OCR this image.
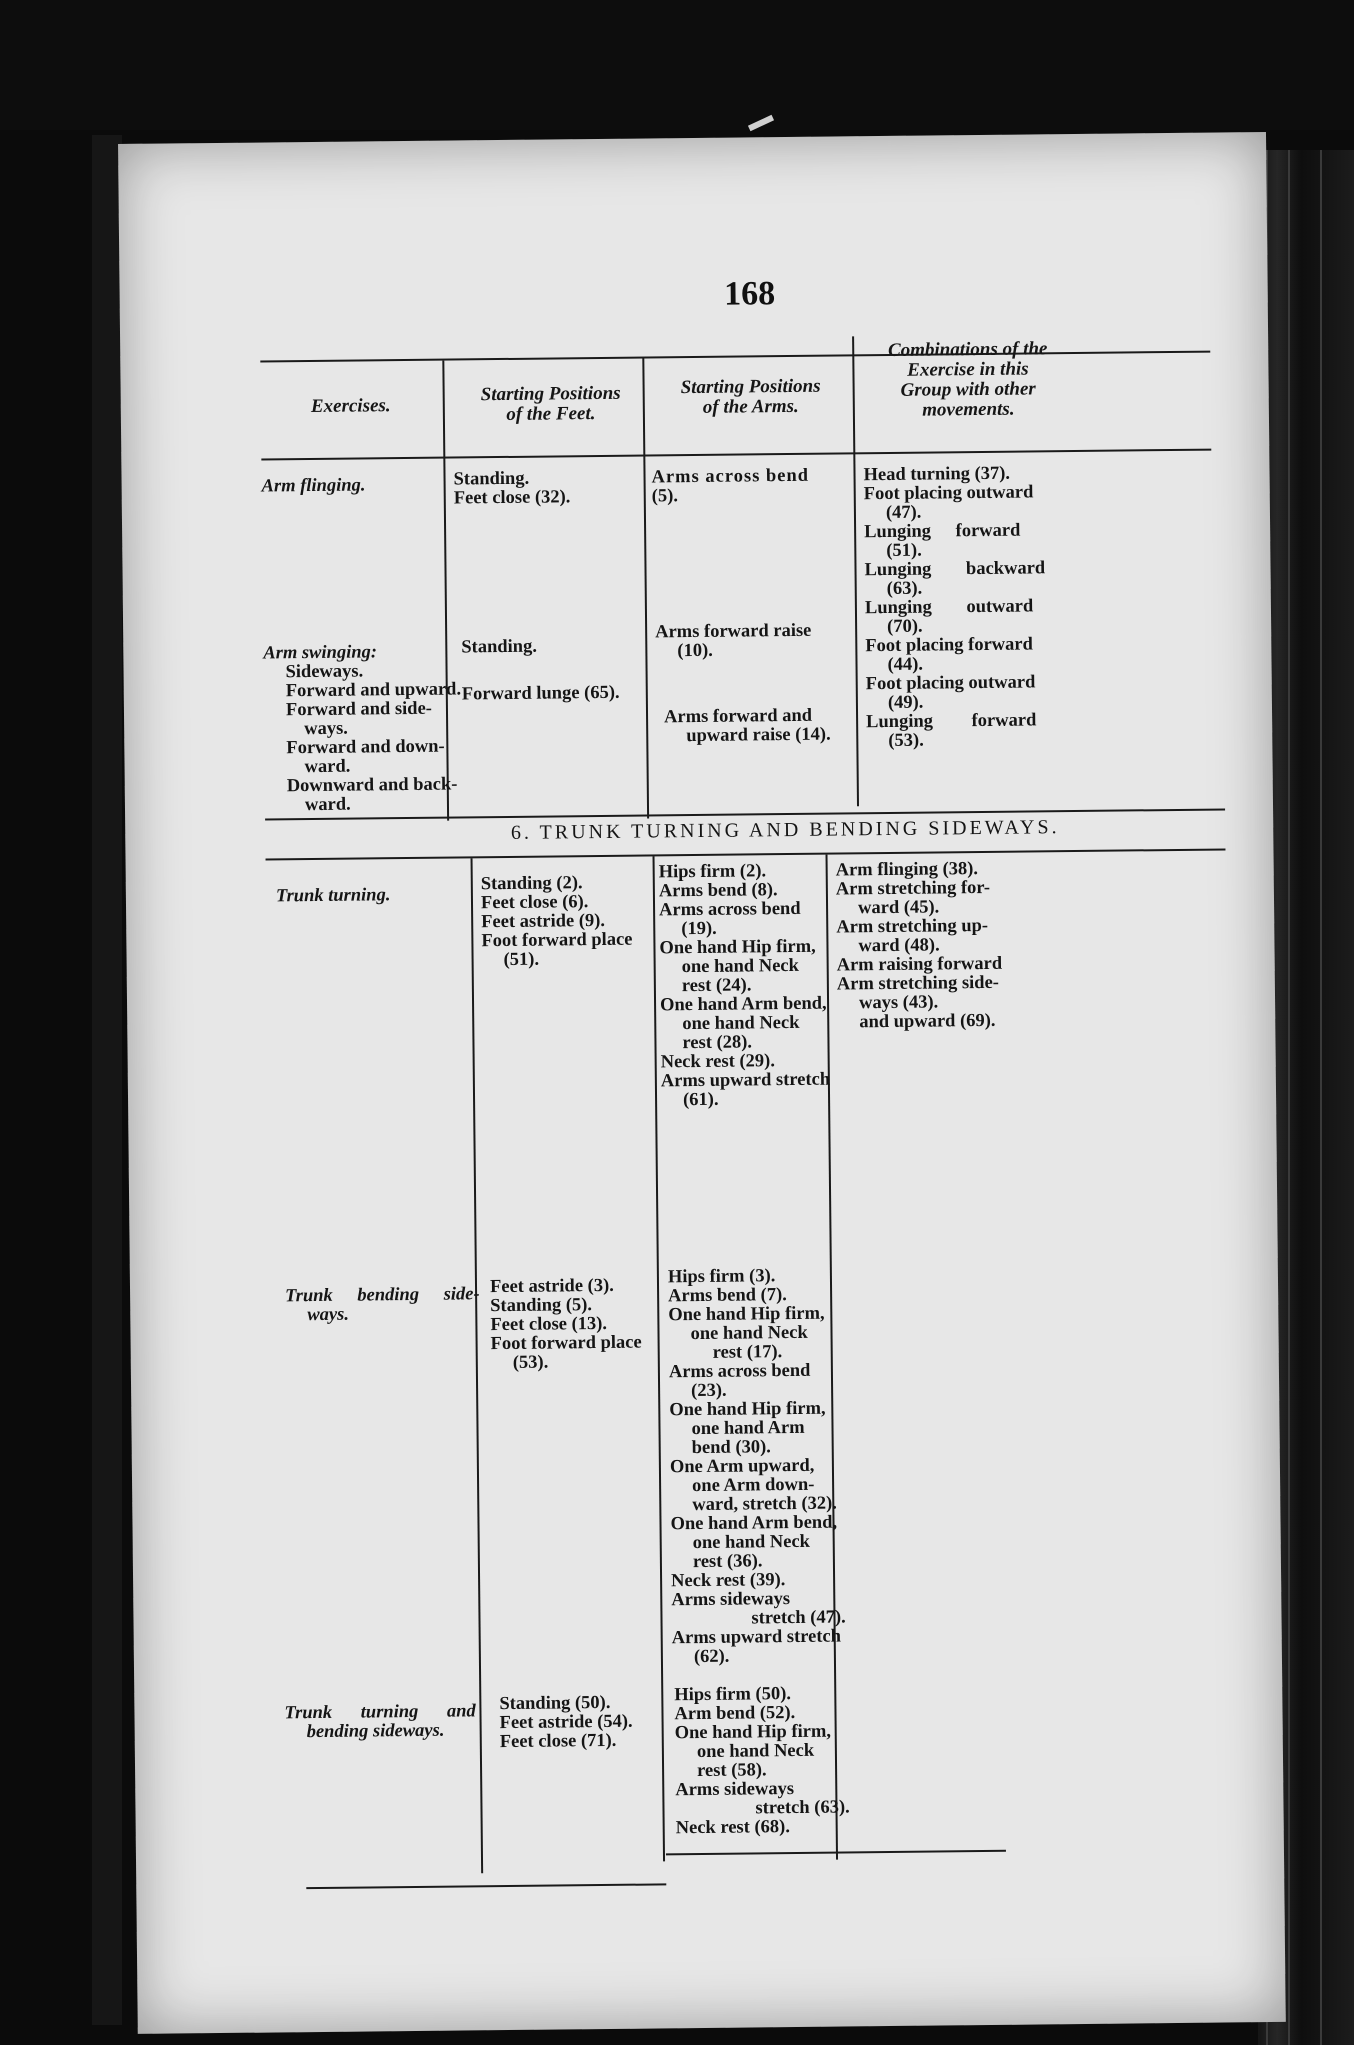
168
Exercises.
Starting Positions
of the Feet.
Starting Positions
of the Arms.
Combinations of the
Exercise in this
Group with other
movements.
Arm flinging.
Arm swinging:
Sideways.
Forward and upward.
Forward and side-
ways.
Forward and down-
ward.
Downward and back-
ward.
Standing.
Feet close (32).
Standing.
Forward lunge (65).
Arms across bend
(5).
Arms forward raise
(10).
Arms forward and
upward raise (14).
Head turning (37).
Foot placing outward
(47).
Lunging forward
(51).
Lunging backward
(63).
Lunging outward
(70).
Foot placing forward
(44).
Foot placing outward
(49).
Lunging forward
(53).
6. TRUNK TURNING AND BENDING SIDEWAYS.
Trunk turning.
Trunk bending side-
ways.
Trunk turning and
bending sideways.
Standing (2).
Feet close (6).
Feet astride (9).
Foot forward place
(51).
Feet astride (3).
Standing (5).
Feet close (13).
Foot forward place
(53).
Standing (50).
Feet astride (54).
Feet close (71).
Hips firm (2).
Arms bend (8).
Arms across bend
(19).
One hand Hip firm,
one hand Neck
rest (24).
One hand Arm bend,
one hand Neck
rest (28).
Neck rest (29).
Arms upward stretch
(61).
Hips firm (3).
Arms bend (7).
One hand Hip firm,
one hand Neck
rest (17).
Arms across bend
(23).
One hand Hip firm,
one hand Arm
bend (30).
One Arm upward,
one Arm down-
ward, stretch (32).
One hand Arm bend,
one hand Neck
rest (36).
Neck rest (39).
Arms sideways
stretch (47).
Arms upward stretch
(62).
Hips firm (50).
Arm bend (52).
One hand Hip firm,
one hand Neck
rest (58).
Arms sideways
stretch (63).
Neck rest (68).
Arm flinging (38).
Arm stretching for-
ward (45).
Arm stretching up-
ward (48).
Arm raising forward
Arm stretching side-
ways (43).
and upward (69).
